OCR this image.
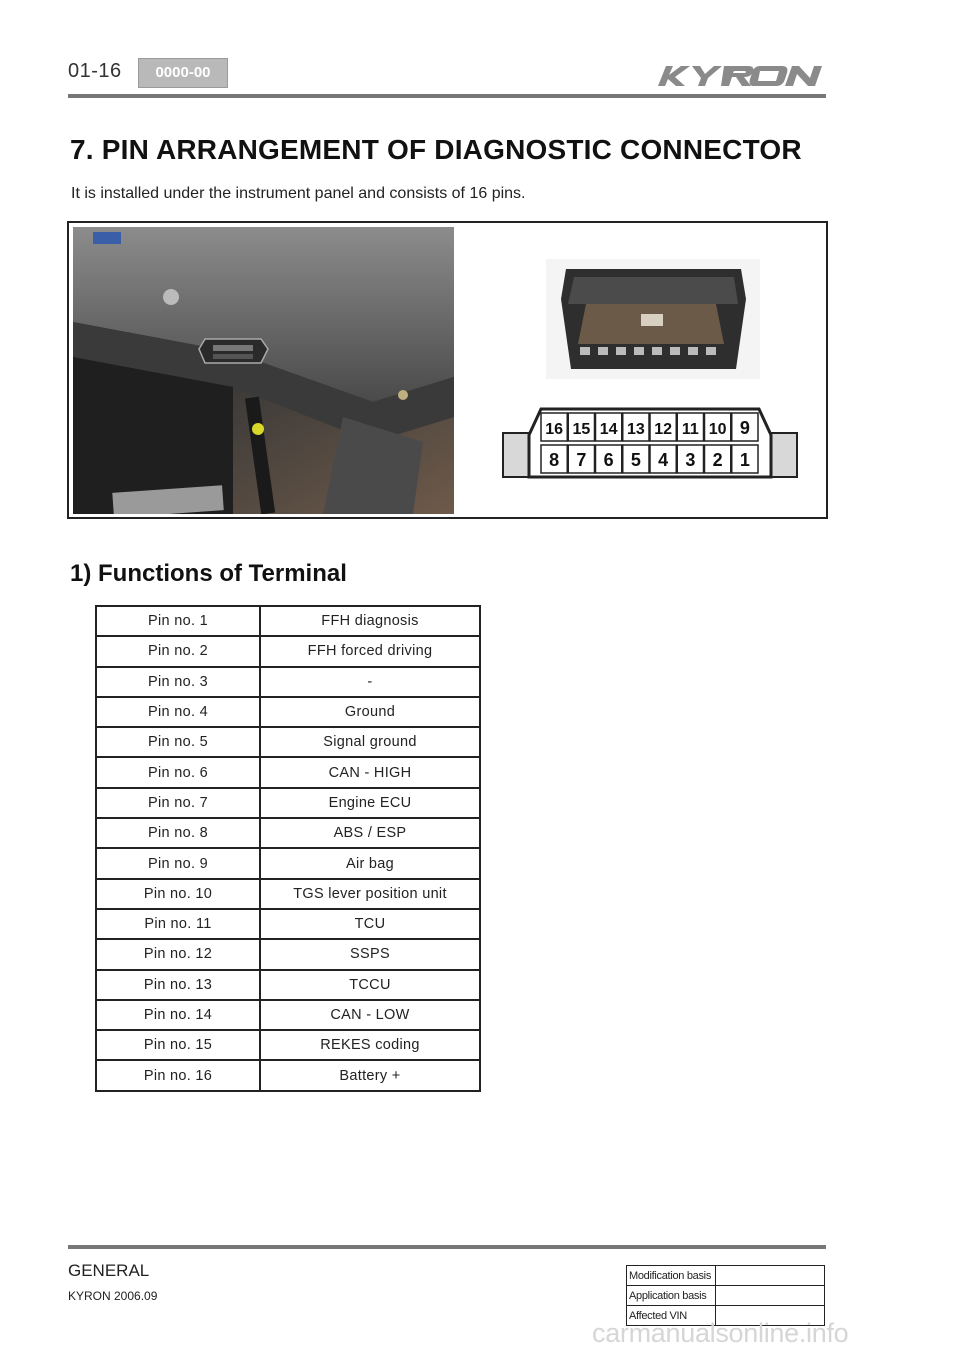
01-16	0000-00
7. PIN ARRANGEMENT OF DIAGNOSTIC CONNECTOR
It is installed under the instrument panel and consists of 16 pins.
16 15 14 13 12 11 10 9
8 7 6 5 4 3 2 1
1) Functions of Terminal
Pin no. 1	FFH diagnosis
Pin no. 2	FFH forced driving
Pin no. 3	-
Pin no. 4	Ground
Pin no. 5	Signal ground
Pin no. 6	CAN - HIGH
Pin no. 7	Engine ECU
Pin no. 8	ABS / ESP
Pin no. 9	Air bag
Pin no. 10	TGS lever position unit
Pin no. 11	TCU
Pin no. 12	SSPS
Pin no. 13	TCCU
Pin no. 14	CAN - LOW
Pin no. 15	REKES coding
Pin no. 16	Battery +
GENERAL
KYRON 2006.09
Modification basis	
Application basis	
Affected VIN	
carmanualsonline.info
